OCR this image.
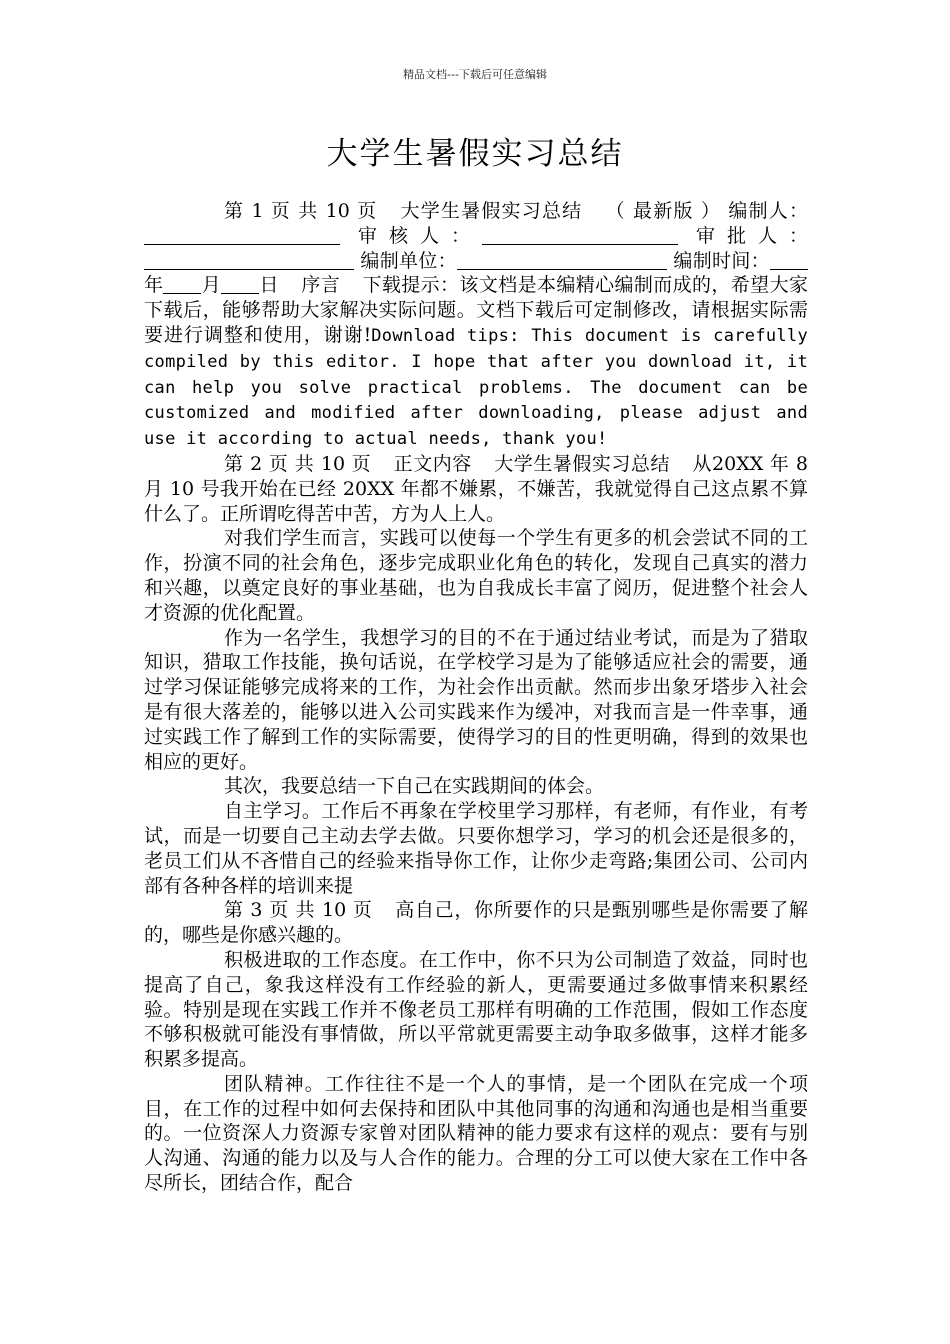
精品文档---下载后可任意编辑
大学生暑假实习总结

第 1 页 共 10 页 大学生暑假实习总结 （ 最新版 ） 编制人： 审核人：	审批人： 编制单位：	编制时间：年 月 日 序言 下载提示：该文档是本编精心编制而成的，希望大家下载后，能够帮助大家解决实际问题。文档下载后可定制修改，请根据实际需要进行调整和使用，谢谢!Download tips: This document is carefully compiled by this editor. I hope that after you download it, it can help you solve practical problems. The document can be customized and modified after downloading, please adjust and use it according to actual needs, thank you!

第 2 页 共 10 页 正文内容 大学生暑假实习总结 从20XX 年 8 月 10 号我开始在已经 20XX 年都不嫌累，不嫌苦，我就觉得自己这点累不算什么了。正所谓吃得苦中苦，方为人上人。

对我们学生而言，实践可以使每一个学生有更多的机会尝试不同的工作，扮演不同的社会角色，逐步完成职业化角色的转化，发现自己真实的潜力和兴趣，以奠定良好的事业基础，也为自我成长丰富了阅历，促进整个社会人才资源的优化配置。

作为一名学生，我想学习的目的不在于通过结业考试，而是为了猎取知识，猎取工作技能，换句话说，在学校学习是为了能够适应社会的需要，通过学习保证能够完成将来的工作，为社会作出贡献。然而步出象牙塔步入社会是有很大落差的，能够以进入公司实践来作为缓冲，对我而言是一件幸事，通过实践工作了解到工作的实际需要，使得学习的目的性更明确，得到的效果也相应的更好。

其次，我要总结一下自己在实践期间的体会。

自主学习。工作后不再象在学校里学习那样，有老师，有作业，有考试，而是一切要自己主动去学去做。只要你想学习，学习的机会还是很多的，老员工们从不吝惜自己的经验来指导你工作，让你少走弯路;集团公司、公司内部有各种各样的培训来提

第 3 页 共 10 页 高自己，你所要作的只是甄别哪些是你需要了解的，哪些是你感兴趣的。

积极进取的工作态度。在工作中，你不只为公司制造了效益，同时也提高了自己，象我这样没有工作经验的新人，更需要通过多做事情来积累经验。特别是现在实践工作并不像老员工那样有明确的工作范围，假如工作态度不够积极就可能没有事情做，所以平常就更需要主动争取多做事，这样才能多积累多提高。

团队精神。工作往往不是一个人的事情，是一个团队在完成一个项目，在工作的过程中如何去保持和团队中其他同事的沟通和沟通也是相当重要的。一位资深人力资源专家曾对团队精神的能力要求有这样的观点：要有与别人沟通、沟通的能力以及与人合作的能力。合理的分工可以使大家在工作中各尽所长，团结合作，配合
